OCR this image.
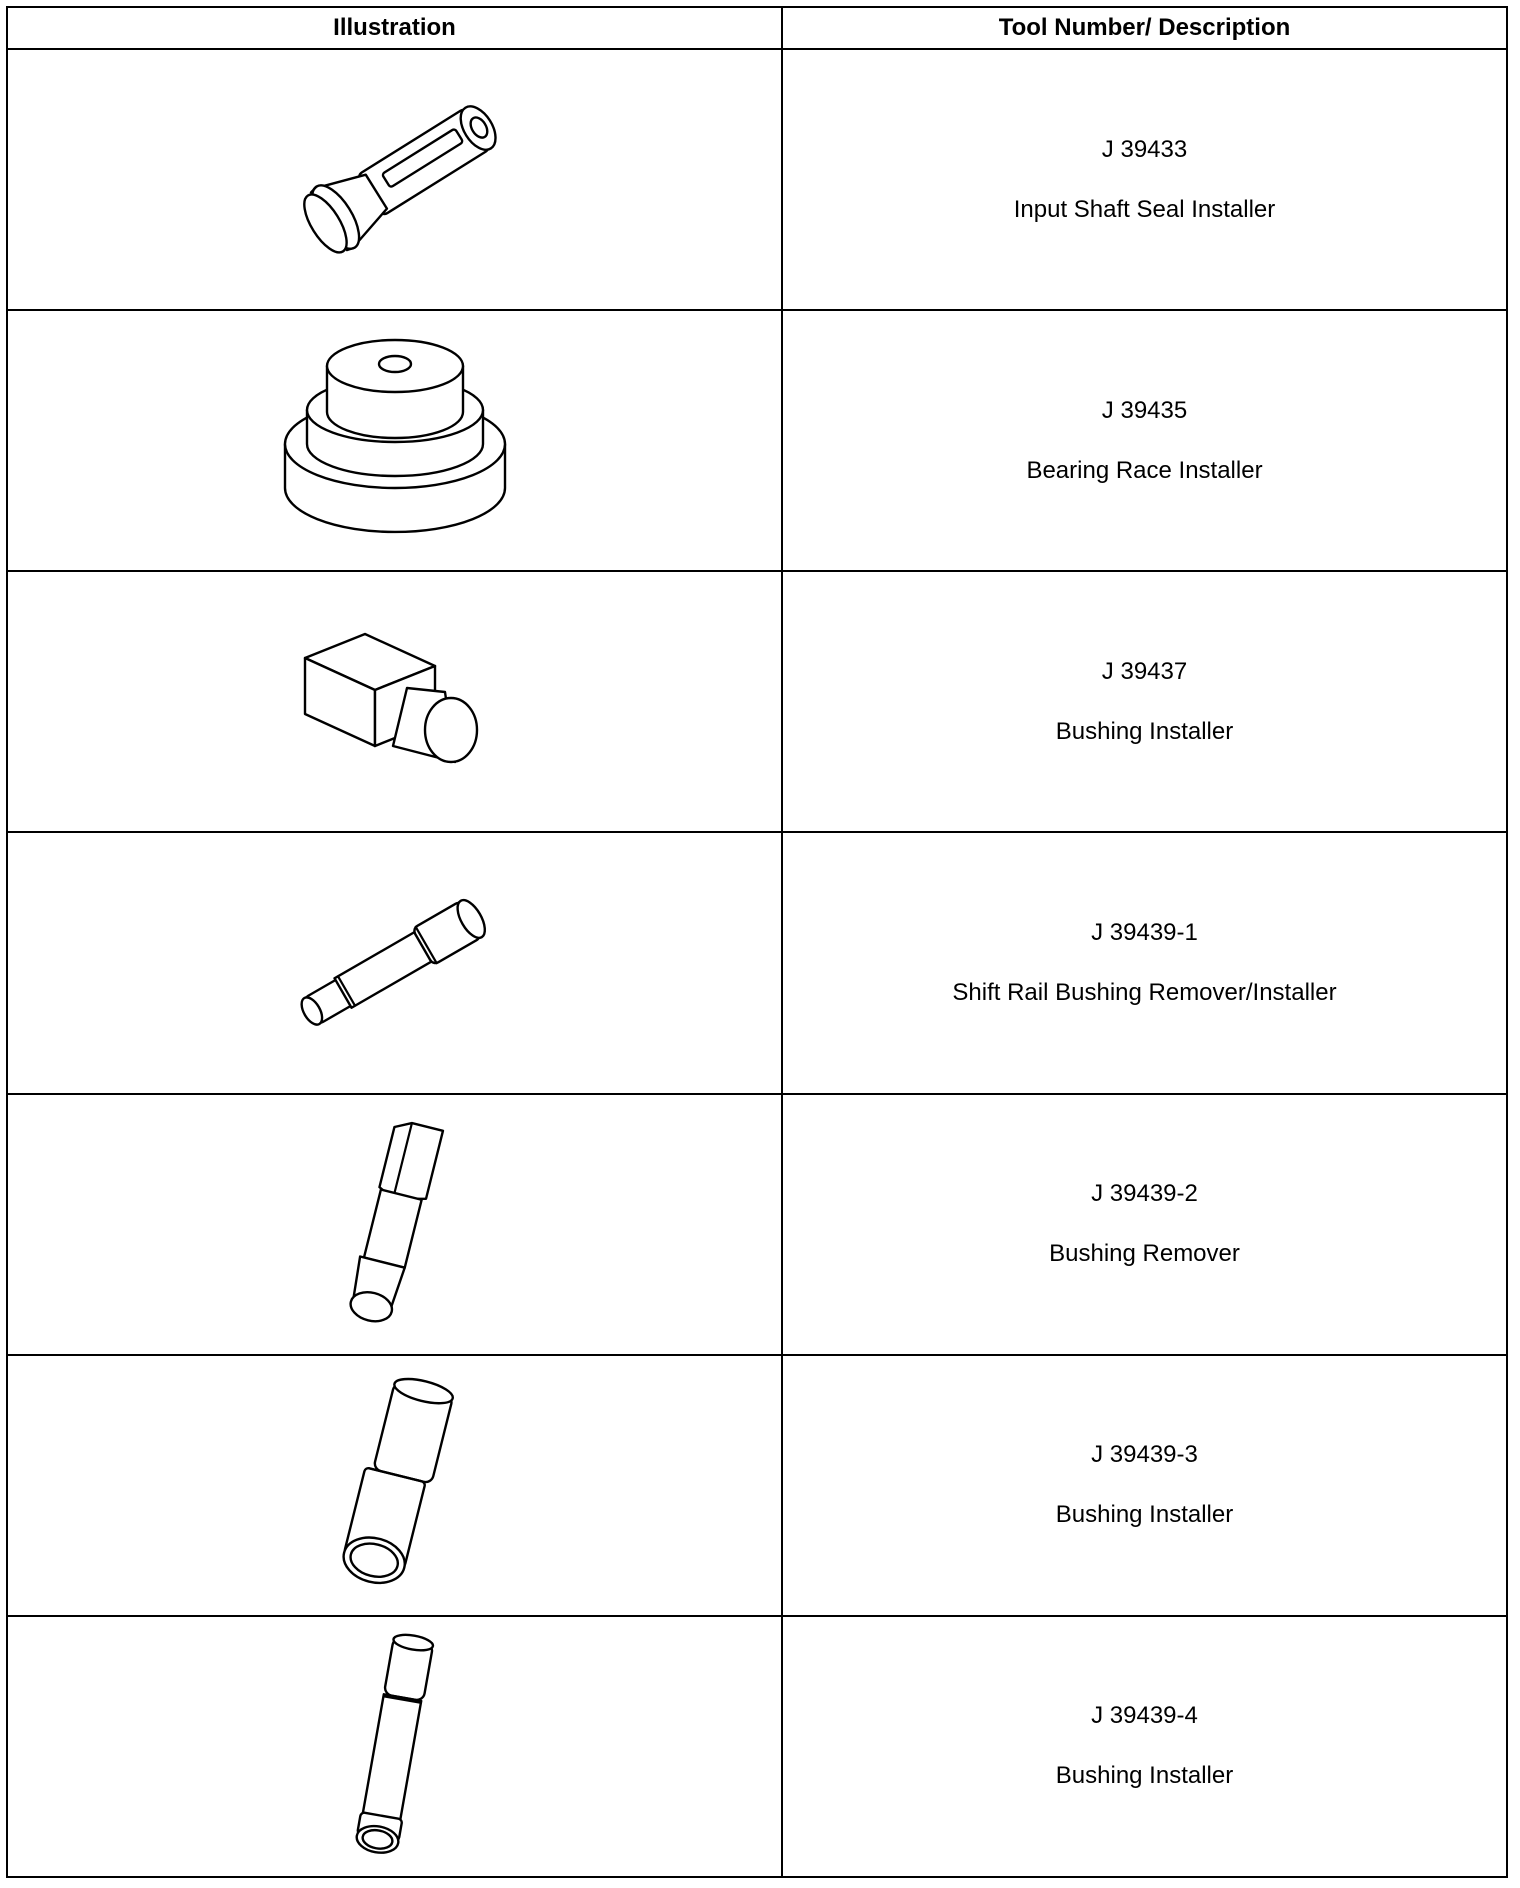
Illustration	Tool Number/ Description

J 39433
Input Shaft Seal Installer

J 39435
Bearing Race Installer

J 39437
Bushing Installer

J 39439-1
Shift Rail Bushing Remover/Installer

J 39439-2
Bushing Remover

J 39439-3
Bushing Installer

J 39439-4
Bushing Installer
